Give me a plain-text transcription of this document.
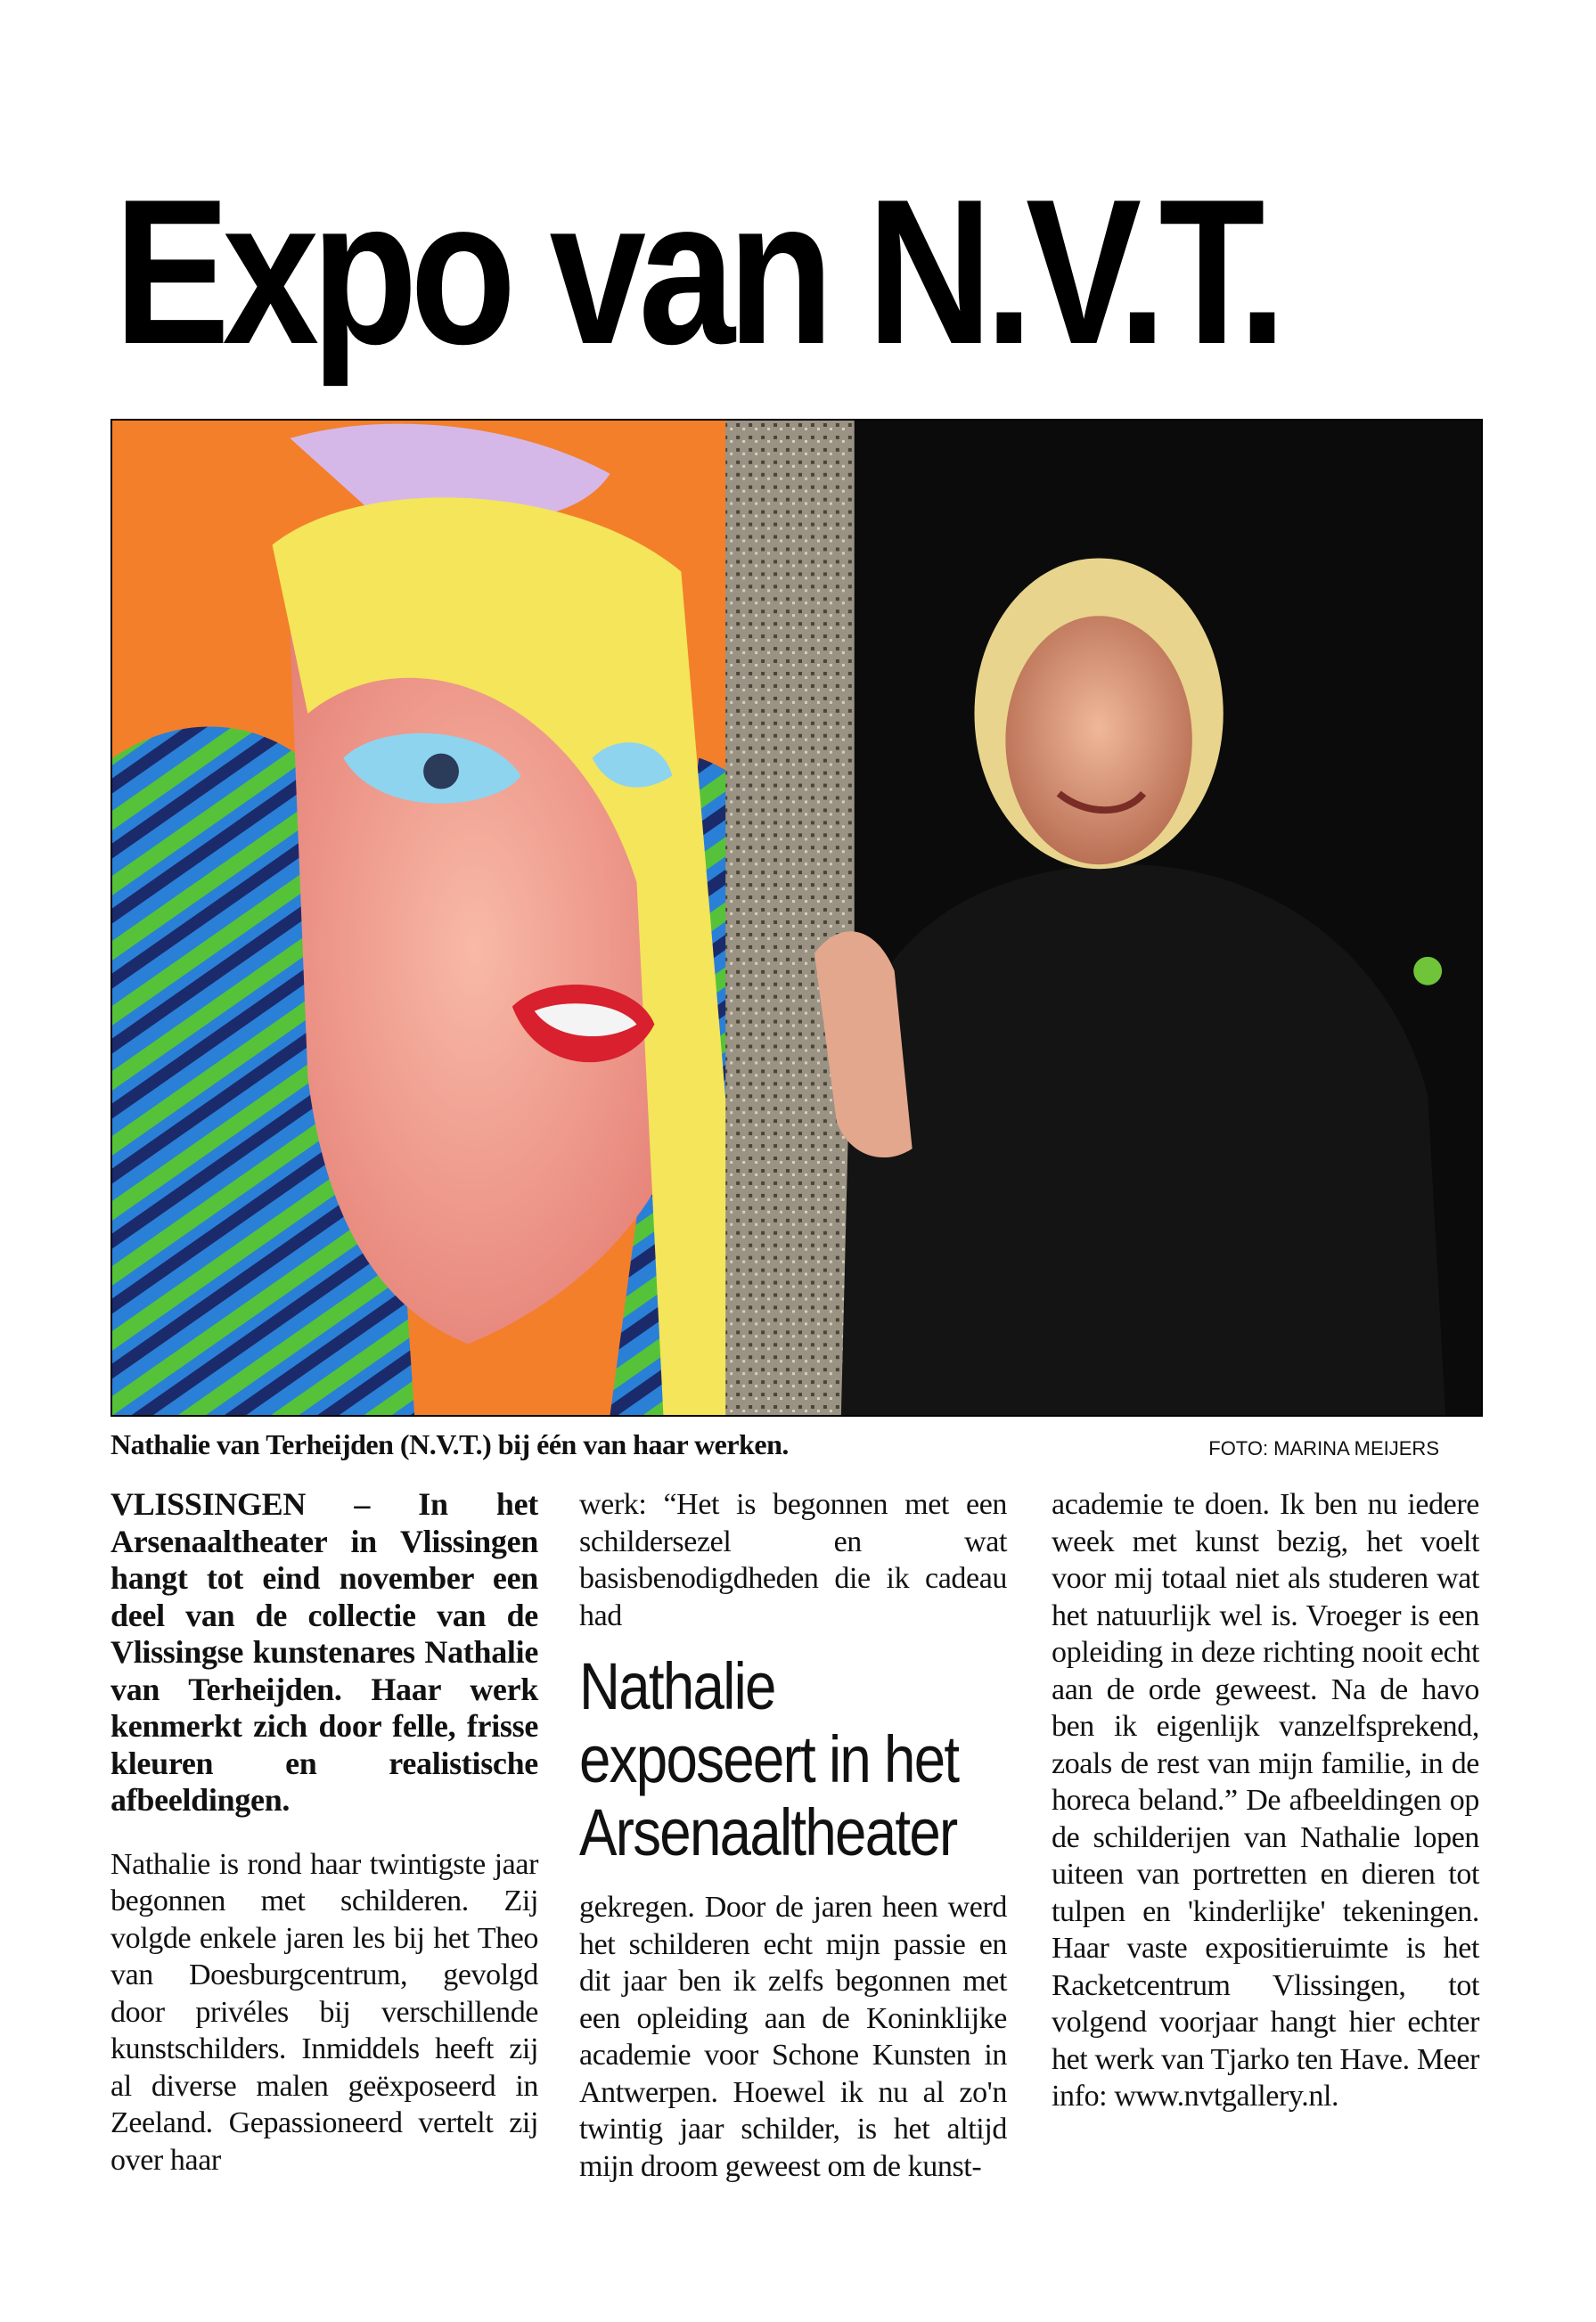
Expo van N.V.T.
Nathalie van Terheijden (N.V.T.) bij één van haar werken.	FOTO: MARINA MEIJERS

VLISSINGEN – In het Arsenaaltheater in Vlissingen hangt tot eind november een deel van de collectie van de Vlissingse kunstenares Nathalie van Terheijden. Haar werk kenmerkt zich door felle, frisse kleuren en realistische afbeeldingen.

Nathalie is rond haar twintigste jaar begonnen met schilderen. Zij volgde enkele jaren les bij het Theo van Doesburgcentrum, gevolgd door privéles bij verschillende kunstschilders. Inmiddels heeft zij al diverse malen geëxposeerd in Zeeland. Gepassioneerd vertelt zij over haar

werk: “Het is begonnen met een schildersezel en wat basisbenodigdheden die ik cadeau had

Nathalie exposeert in het Arsenaaltheater

gekregen. Door de jaren heen werd het schilderen echt mijn passie en dit jaar ben ik zelfs begonnen met een opleiding aan de Koninklijke academie voor Schone Kunsten in Antwerpen. Hoewel ik nu al zo'n twintig jaar schilder, is het altijd mijn droom geweest om de kunst-

academie te doen. Ik ben nu iedere week met kunst bezig, het voelt voor mij totaal niet als studeren wat het natuurlijk wel is. Vroeger is een opleiding in deze richting nooit echt aan de orde geweest. Na de havo ben ik eigenlijk vanzelfsprekend, zoals de rest van mijn familie, in de horeca beland.” De afbeeldingen op de schilderijen van Nathalie lopen uiteen van portretten en dieren tot tulpen en 'kinderlijke' tekeningen. Haar vaste expositieruimte is het Racketcentrum Vlissingen, tot volgend voorjaar hangt hier echter het werk van Tjarko ten Have. Meer info: www.nvtgallery.nl.
